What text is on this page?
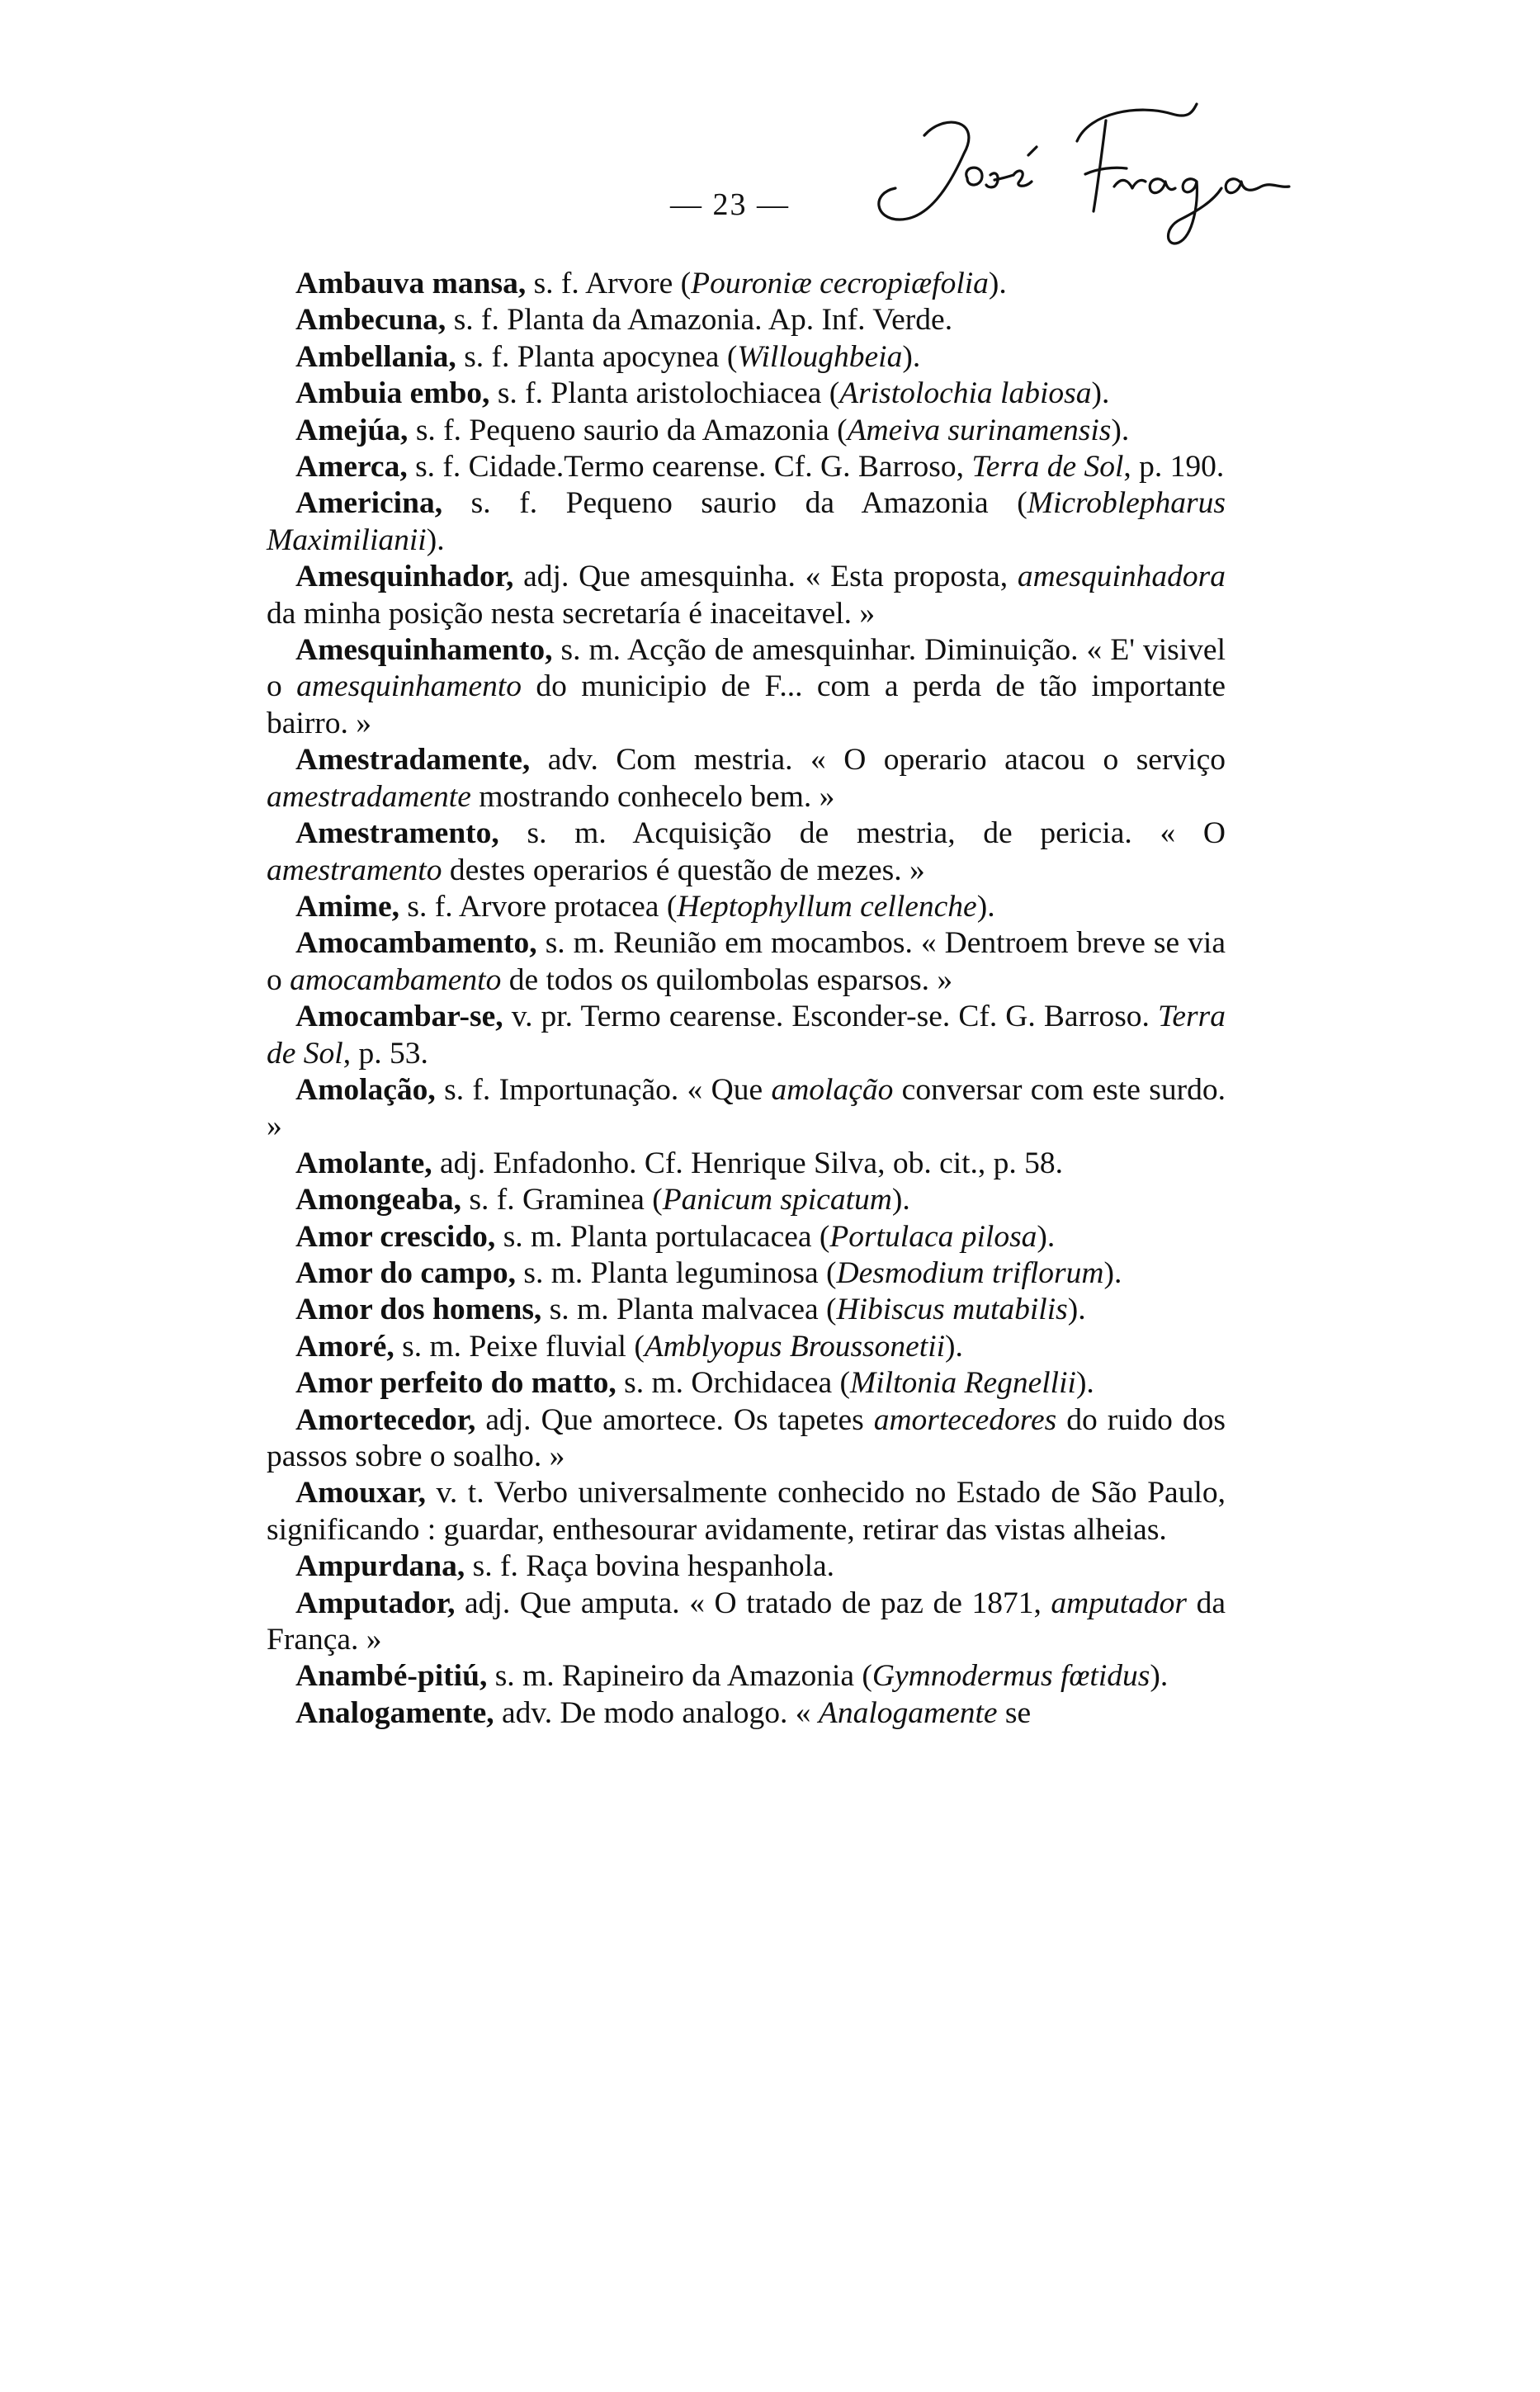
— 23 —

Ambauva mansa, s. f. Arvore (Pouroniæ cecropiæfolia).

Ambecuna, s. f. Planta da Amazonia. Ap. Inf. Verde.

Ambellania, s. f. Planta apocynea (Willoughbeia).

Ambuia embo, s. f. Planta aristolochiacea (Aristolochia labiosa).

Amejúa, s. f. Pequeno saurio da Amazonia (Ameiva surinamensis).

Amerca, s. f. Cidade.Termo cearense. Cf. G. Barroso, Terra de Sol, p. 190.

Americina, s. f. Pequeno saurio da Amazonia (Microblepharus Maximilianii).

Amesquinhador, adj. Que amesquinha. « Esta proposta, amesquinhadora da minha posição nesta secretaría é inaceitavel. »

Amesquinhamento, s. m. Acção de amesquinhar. Diminuição. « E' visivel o amesquinhamento do municipio de F... com a perda de tão importante bairro. »

Amestradamente, adv. Com mestria. « O operario atacou o serviço amestradamente mostrando conhecelo bem. »

Amestramento, s. m. Acquisição de mestria, de pericia. « O amestramento destes operarios é questão de mezes. »

Amime, s. f. Arvore protacea (Heptophyllum cellenche).

Amocambamento, s. m. Reunião em mocambos. « Dentroem breve se via o amocambamento de todos os quilombolas esparsos. »

Amocambar-se, v. pr. Termo cearense. Esconder-se. Cf. G. Barroso. Terra de Sol, p. 53.

Amolação, s. f. Importunação. « Que amolação conversar com este surdo. »

Amolante, adj. Enfadonho. Cf. Henrique Silva, ob. cit., p. 58.

Amongeaba, s. f. Graminea (Panicum spicatum).

Amor crescido, s. m. Planta portulacacea (Portulaca pilosa).

Amor do campo, s. m. Planta leguminosa (Desmodium triflorum).

Amor dos homens, s. m. Planta malvacea (Hibiscus mutabilis).

Amoré, s. m. Peixe fluvial (Amblyopus Broussonetii).

Amor perfeito do matto, s. m. Orchidacea (Miltonia Regnellii).

Amortecedor, adj. Que amortece. Os tapetes amortecedores do ruido dos passos sobre o soalho. »

Amouxar, v. t. Verbo universalmente conhecido no Estado de São Paulo, significando : guardar, enthesourar avidamente, retirar das vistas alheias.

Ampurdana, s. f. Raça bovina hespanhola.

Amputador, adj. Que amputa. « O tratado de paz de 1871, amputador da França. »

Anambé-pitiú, s. m. Rapineiro da Amazonia (Gymnodermus fœtidus).

Analogamente, adv. De modo analogo. « Analogamente se
